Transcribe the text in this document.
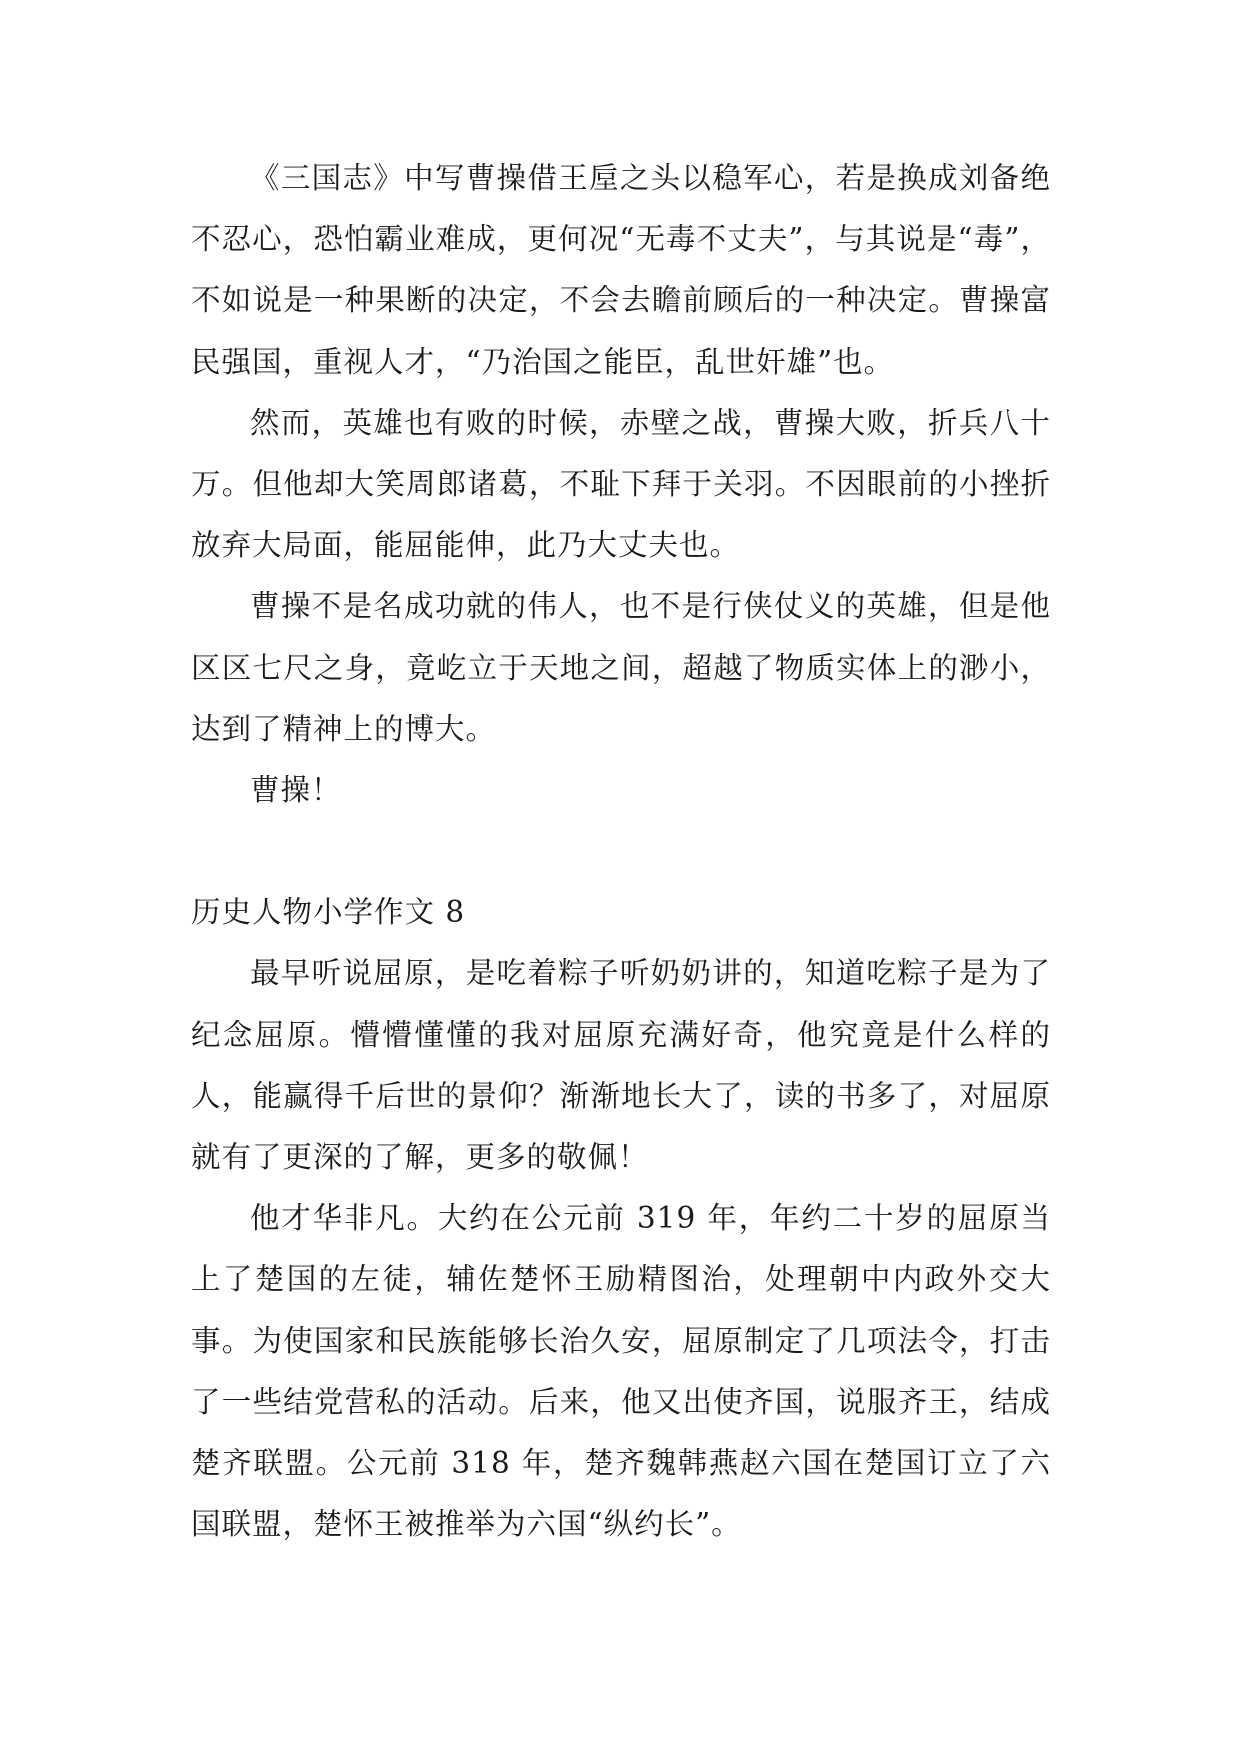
《三国志》中写曹操借王垕之头以稳军心，若是换成刘备绝不忍心，恐怕霸业难成，更何况“无毒不丈夫”，与其说是“毒”，不如说是一种果断的决定，不会去瞻前顾后的一种决定。曹操富民强国，重视人才，“乃治国之能臣，乱世奸雄”也。

然而，英雄也有败的时候，赤壁之战，曹操大败，折兵八十万。但他却大笑周郎诸葛，不耻下拜于关羽。不因眼前的小挫折放弃大局面，能屈能伸，此乃大丈夫也。

曹操不是名成功就的伟人，也不是行侠仗义的英雄，但是他区区七尺之身，竟屹立于天地之间，超越了物质实体上的渺小，达到了精神上的博大。

曹操！

历史人物小学作文 8

最早听说屈原，是吃着粽子听奶奶讲的，知道吃粽子是为了纪念屈原。懵懵懂懂的我对屈原充满好奇，他究竟是什么样的人，能赢得千后世的景仰？渐渐地长大了，读的书多了，对屈原就有了更深的了解，更多的敬佩！

他才华非凡。大约在公元前 319 年，年约二十岁的屈原当上了楚国的左徒，辅佐楚怀王励精图治，处理朝中内政外交大事。为使国家和民族能够长治久安，屈原制定了几项法令，打击了一些结党营私的活动。后来，他又出使齐国，说服齐王，结成楚齐联盟。公元前 318 年，楚齐魏韩燕赵六国在楚国订立了六国联盟，楚怀王被推举为六国“纵约长”。
